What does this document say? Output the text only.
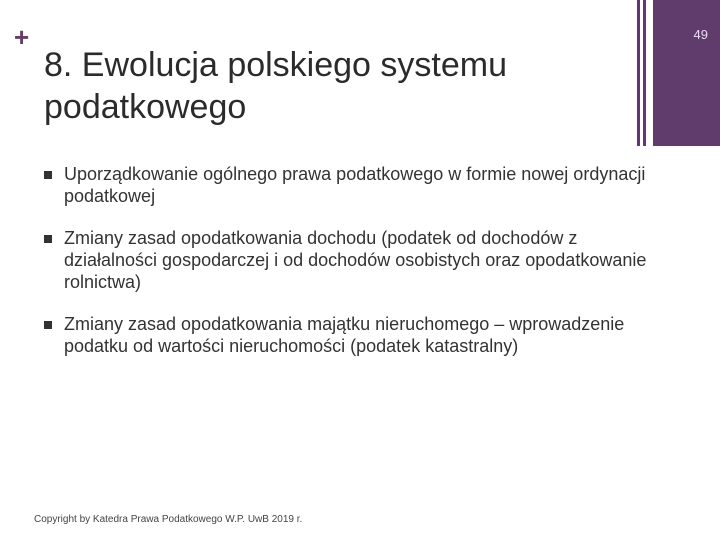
+
8. Ewolucja polskiego systemu podatkowego
49
Uporządkowanie ogólnego prawa podatkowego w formie nowej ordynacji podatkowej
Zmiany zasad opodatkowania dochodu (podatek od dochodów z działalności gospodarczej i od dochodów osobistych oraz opodatkowanie rolnictwa)
Zmiany zasad opodatkowania majątku nieruchomego – wprowadzenie podatku od wartości nieruchomości (podatek katastralny)
Copyright by Katedra Prawa Podatkowego W.P. UwB 2019 r.
